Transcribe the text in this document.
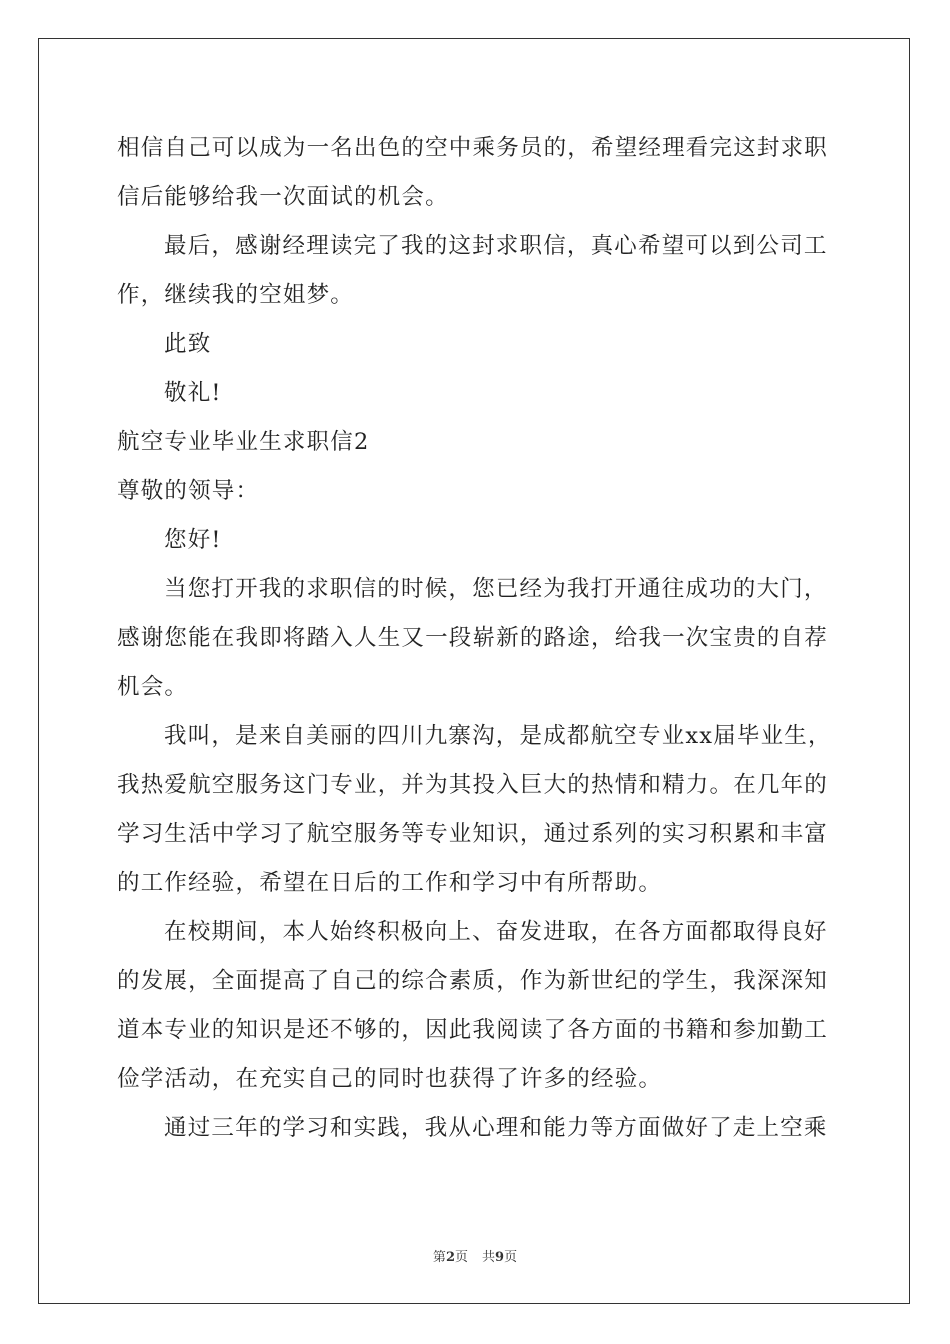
相信自己可以成为一名出色的空中乘务员的，希望经理看完这封求职
信后能够给我一次面试的机会。
最后，感谢经理读完了我的这封求职信，真心希望可以到公司工
作，继续我的空姐梦。
此致
敬礼!
航空专业毕业生求职信2
尊敬的领导：
您好!
当您打开我的求职信的时候，您已经为我打开通往成功的大门，
感谢您能在我即将踏入人生又一段崭新的路途，给我一次宝贵的自荐
机会。
我叫，是来自美丽的四川九寨沟，是成都航空专业xx届毕业生，
我热爱航空服务这门专业，并为其投入巨大的热情和精力。在几年的
学习生活中学习了航空服务等专业知识，通过系列的实习积累和丰富
的工作经验，希望在日后的工作和学习中有所帮助。
在校期间，本人始终积极向上、奋发进取，在各方面都取得良好
的发展，全面提高了自己的综合素质，作为新世纪的学生，我深深知
道本专业的知识是还不够的，因此我阅读了各方面的书籍和参加勤工
俭学活动，在充实自己的同时也获得了许多的经验。
通过三年的学习和实践，我从心理和能力等方面做好了走上空乘
第2页 共9页
